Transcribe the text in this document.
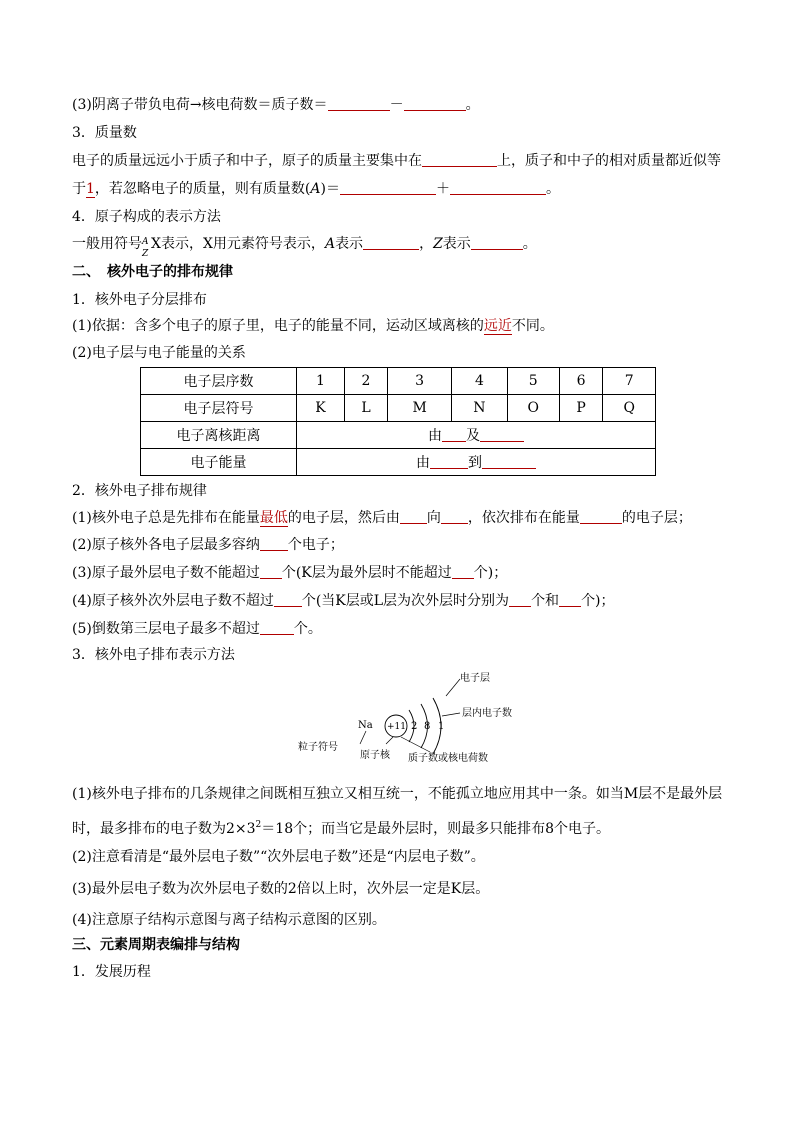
(3)阴离子带负电荷→核电荷数＝质子数＝	－	。
3．质量数
电子的质量远远小于质子和中子，原子的质量主要集中在	上，质子和中子的相对质量都近似等
于1，若忽略电子的质量，则有质量数(A)＝	＋	。
4．原子构成的表示方法
一般用符号 A
Z
X表示，X用元素符号表示，A表示	，Z表示	。
二、　核外电子的排布规律
1．核外电子分层排布
(1)依据：含多个电子的原子里，电子的能量不同，运动区域离核的远近不同。
(2)电子层与电子能量的关系
电子层序数	1	2	3	4	5	6	7
电子层符号	K	L	M	N	O	P	Q
电子离核距离	由 及						
电子能量	由 到						
2．核外电子排布规律
(1)核外电子总是先排布在能量最低的电子层，然后由 向 ，依次排布在能量	的电子层；
(2)原子核外各电子层最多容纳 个电子；
(3)原子最外层电子数不能超过 个(K层为最外层时不能超过 个)；
(4)原子核外次外层电子数不超过 个(当K层或L层为次外层时分别为 个和 个)；
(5)倒数第三层电子最多不超过 个。
3．核外电子排布表示方法
Na
粒子符号
+11
原子核
2 8 1
电子层
层内电子数
质子数或核电荷数
(1)核外电子排布的几条规律之间既相互独立又相互统一，不能孤立地应用其中一条。如当M层不是最外层
时，最多排布的电子数为$2\times 3^2=18$个；而当它是最外层时，则最多只能排布8个电子。
(2)注意看清是“最外层电子数”“次外层电子数”还是“内层电子数”。
(3)最外层电子数为次外层电子数的2倍以上时，次外层一定是K层。
(4)注意原子结构示意图与离子结构示意图的区别。
三、元素周期表编排与结构
1．发展历程
